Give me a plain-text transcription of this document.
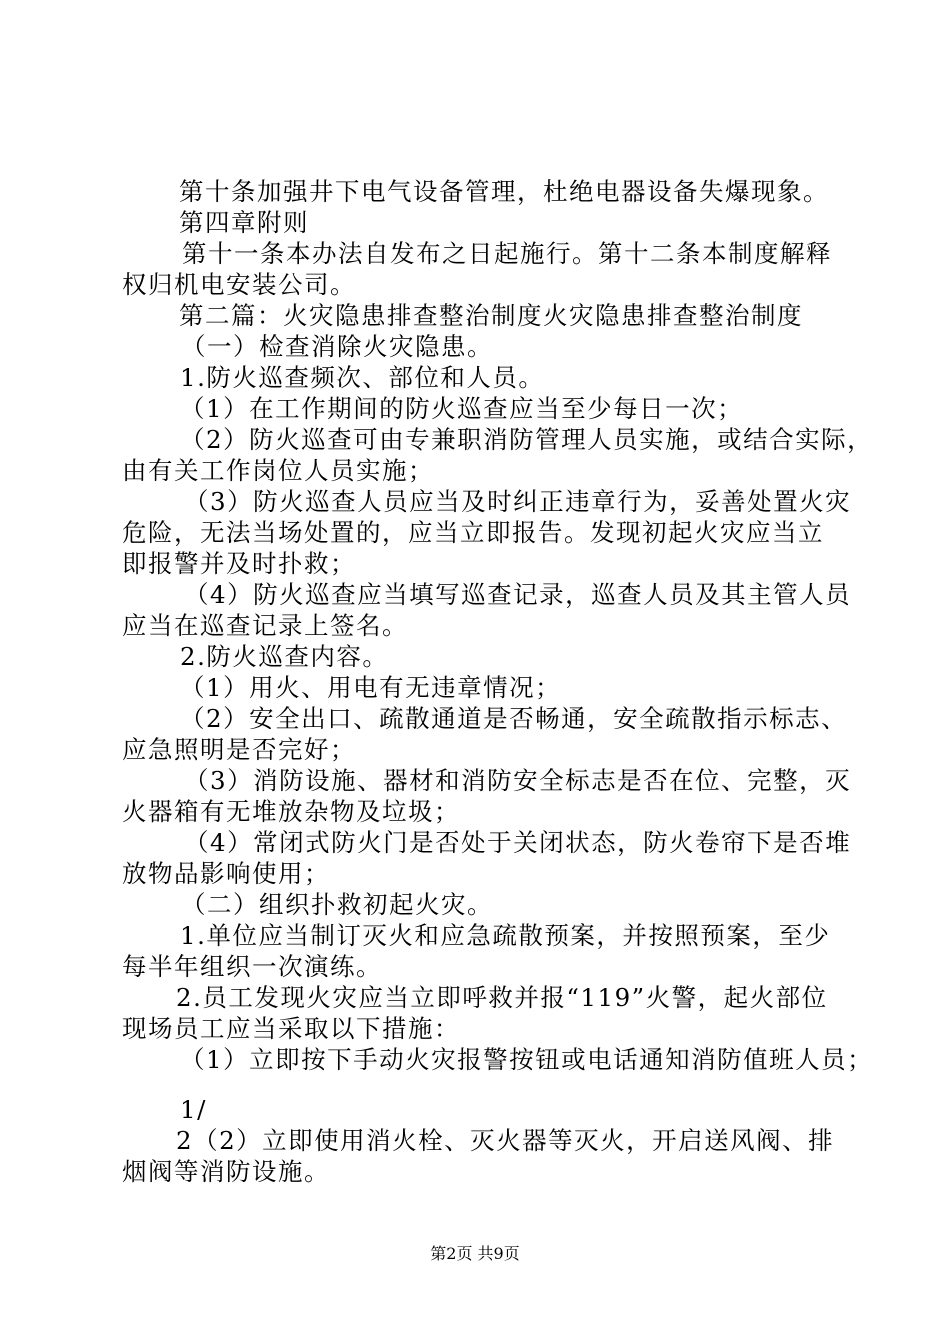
第十条加强井下电气设备管理，杜绝电器设备失爆现象。
第四章附则
第十一条本办法自发布之日起施行。第十二条本制度解释
权归机电安装公司。
第二篇：火灾隐患排查整治制度火灾隐患排查整治制度
（一）检查消除火灾隐患。
1.防火巡查频次、部位和人员。
（1）在工作期间的防火巡查应当至少每日一次；
（2）防火巡查可由专兼职消防管理人员实施，或结合实际，
由有关工作岗位人员实施；
（3）防火巡查人员应当及时纠正违章行为，妥善处置火灾
危险，无法当场处置的，应当立即报告。发现初起火灾应当立
即报警并及时扑救；
（4）防火巡查应当填写巡查记录，巡查人员及其主管人员
应当在巡查记录上签名。
2.防火巡查内容。
（1）用火、用电有无违章情况；
（2）安全出口、疏散通道是否畅通，安全疏散指示标志、
应急照明是否完好；
（3）消防设施、器材和消防安全标志是否在位、完整，灭
火器箱有无堆放杂物及垃圾；
（4）常闭式防火门是否处于关闭状态，防火卷帘下是否堆
放物品影响使用；
（二）组织扑救初起火灾。
1.单位应当制订灭火和应急疏散预案，并按照预案，至少
每半年组织一次演练。
2.员工发现火灾应当立即呼救并报“119”火警，起火部位
现场员工应当采取以下措施：
（1）立即按下手动火灾报警按钮或电话通知消防值班人员；
1/
2（2）立即使用消火栓、灭火器等灭火，开启送风阀、排
烟阀等消防设施。
第2页 共9页
